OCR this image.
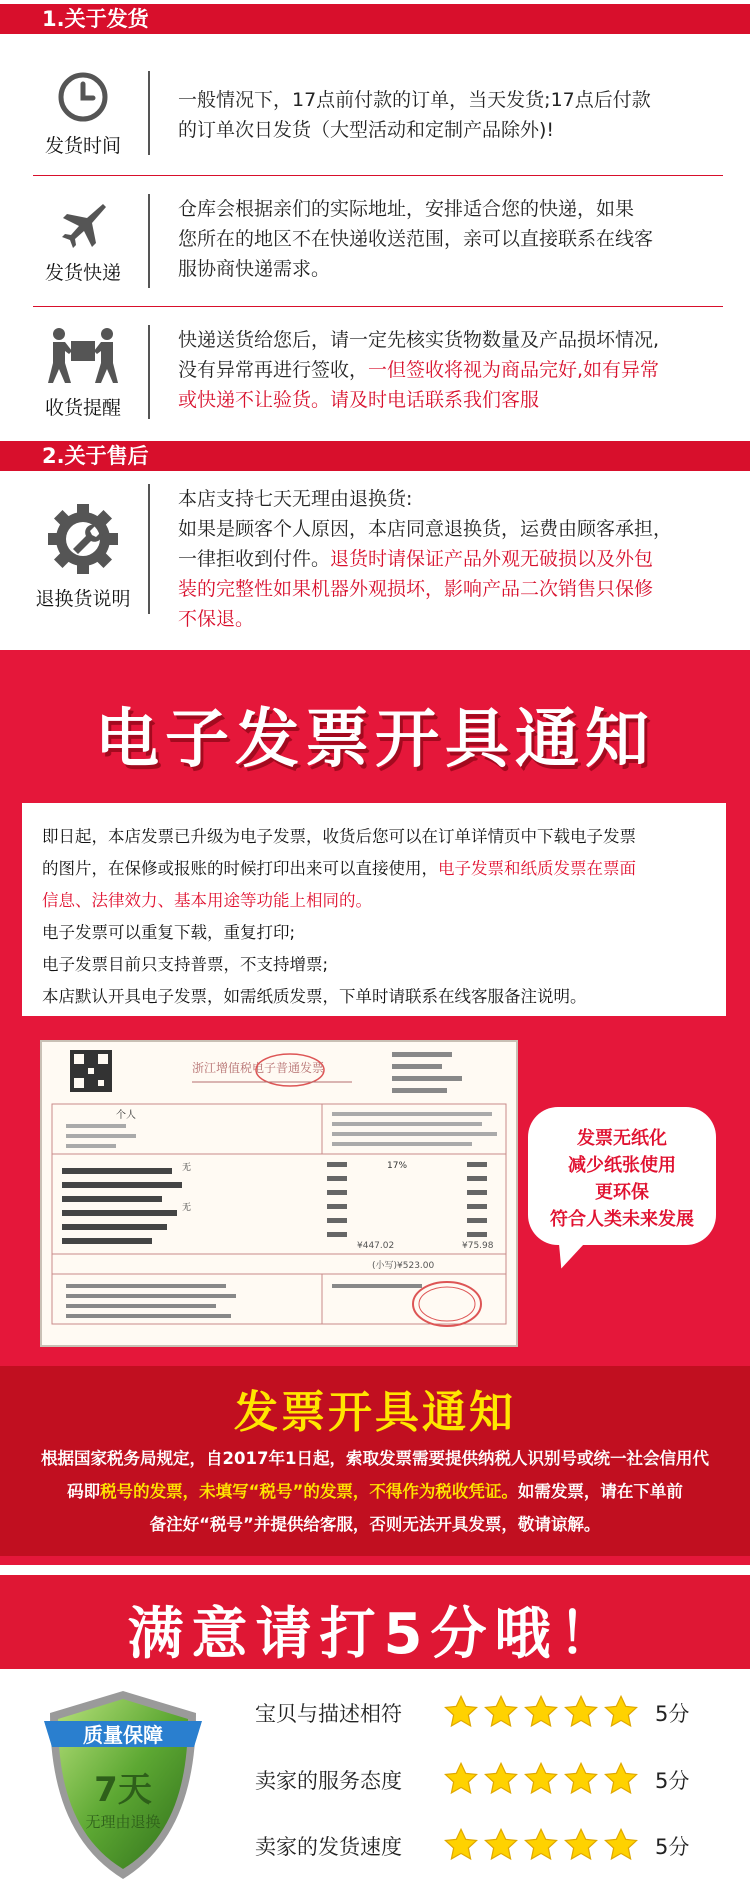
1.关于发货
发货时间
一般情况下，17点前付款的订单，当天发货;17点后付款
的订单次日发货（大型活动和定制产品除外)!
发货快递
仓库会根据亲们的实际地址，安排适合您的快递，如果
您所在的地区不在快递收送范围，亲可以直接联系在线客
服协商快递需求。
收货提醒
快递送货给您后，请一定先核实货物数量及产品损坏情况,
没有异常再进行签收，一但签收将视为商品完好,如有异常
或快递不让验货。请及时电话联系我们客服
2.关于售后
退换货说明
本店支持七天无理由退换货:
如果是顾客个人原因，本店同意退换货，运费由顾客承担，
一律拒收到付件。退货时请保证产品外观无破损以及外包
装的完整性如果机器外观损坏，影响产品二次销售只保修
不保退。
电子发票开具通知
即日起，本店发票已升级为电子发票，收货后您可以在订单详情页中下载电子发票
的图片，在保修或报账的时候打印出来可以直接使用，电子发票和纸质发票在票面
信息、法律效力、基本用途等功能上相同的。
电子发票可以重复下载，重复打印;
电子发票目前只支持普票，不支持增票;
本店默认开具电子发票，如需纸质发票，下单时请联系在线客服备注说明。
浙江增值税电子普通发票
个人
无
无
17%
¥447.02	¥75.98
(小写)¥523.00
发票无纸化
减少纸张使用
更环保
符合人类未来发展
发票开具通知
根据国家税务局规定，自2017年1日起，索取发票需要提供纳税人识别号或统一社会信用代
码即税号的发票，未填写“税号”的发票，不得作为税收凭证。如需发票，请在下单前
备注好“税号”并提供给客服，否则无法开具发票，敬请谅解。
满意请打5分哦！
质量保障
7天
无理由退换
宝贝与描述相符	5分
卖家的服务态度	5分
卖家的发货速度	5分
